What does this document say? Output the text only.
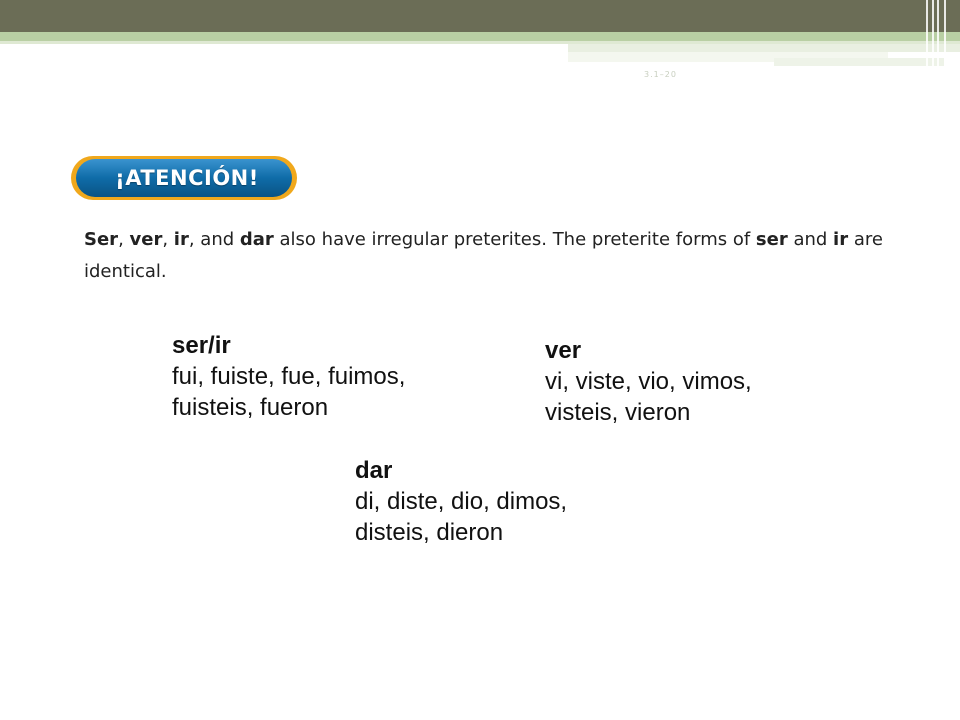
3.1–20
¡ATENCIÓN!
Ser, ver, ir, and dar also have irregular preterites. The preterite forms of ser and ir are identical.
ser/ir
fui, fuiste, fue, fuimos,
fuisteis, fueron
ver
vi, viste, vio, vimos,
visteis, vieron
dar
di, diste, dio, dimos,
disteis, dieron
